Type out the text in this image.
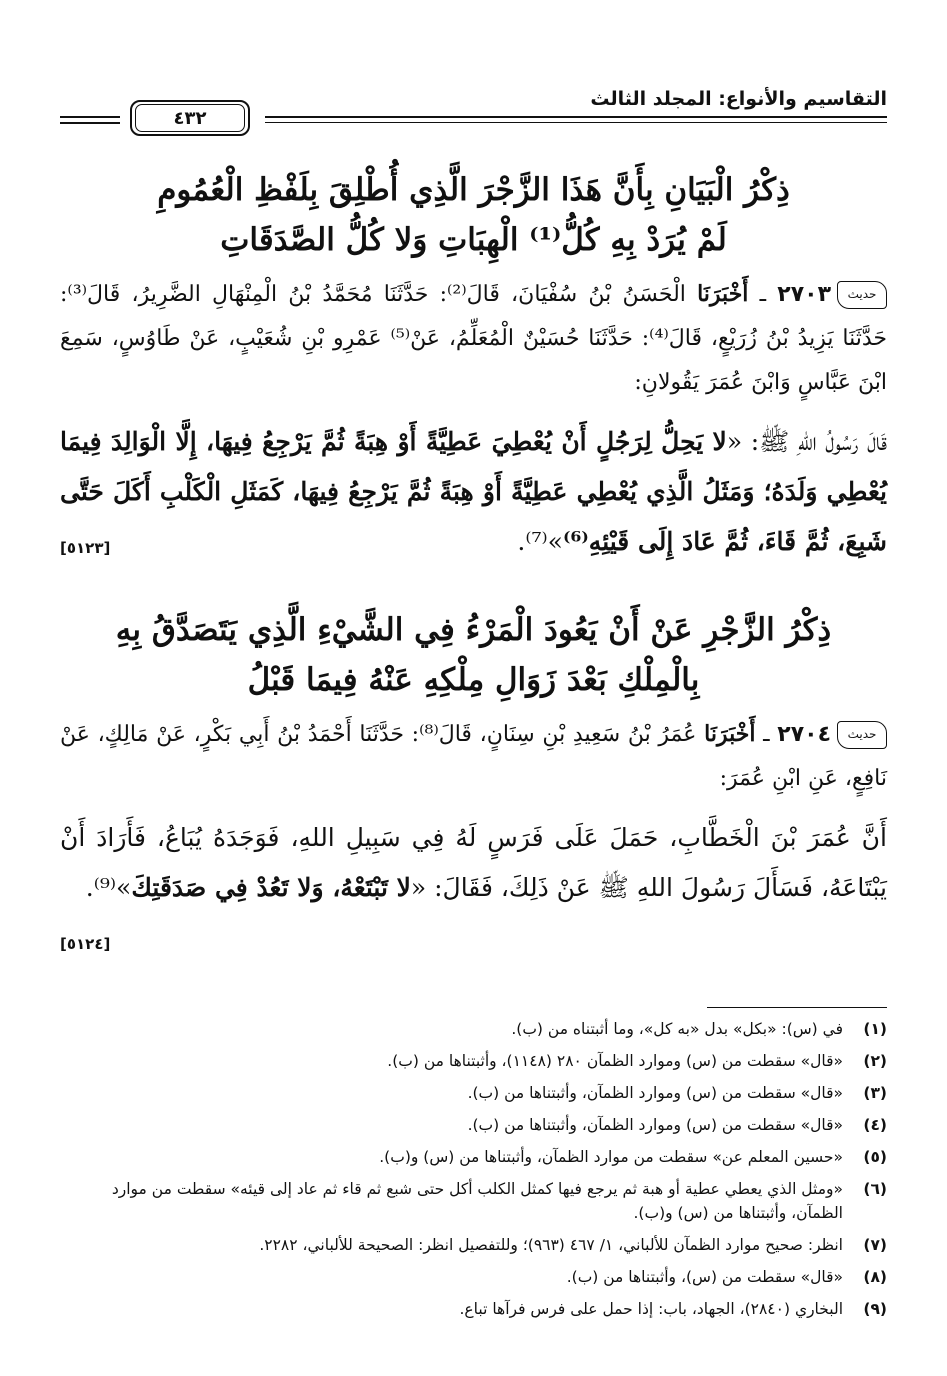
التقاسيم والأنواع: المجلد الثالث
٤٣٢
ذِكْرُ الْبَيَانِ بِأَنَّ هَذَا الزَّجْرَ الَّذِي أُطْلِقَ بِلَفْظِ الْعُمُومِ
لَمْ يُرَدْ بِهِ كُلُّ⁽¹⁾ الْهِبَاتِ وَلا كُلُّ الصَّدَقَاتِ
حديث٢٧٠٣ ـ أَخْبَرَنَا الْحَسَنُ بْنُ سُفْيَانَ، قَالَ⁽²⁾: حَدَّثَنَا مُحَمَّدُ بْنُ الْمِنْهَالِ الضَّرِيرُ، قَالَ⁽³⁾: حَدَّثَنَا يَزِيدُ بْنُ زُرَيْعٍ، قَالَ⁽⁴⁾: حَدَّثَنَا حُسَيْنٌ الْمُعَلِّمُ، عَنْ⁽⁵⁾ عَمْرِو بْنِ شُعَيْبٍ، عَنْ طَاوُسٍ، سَمِعَ ابْنَ عَبَّاسٍ وَابْنَ عُمَرَ يَقُولانِ:
قَالَ رَسُولُ اللهِ ﷺ: «لا يَحِلُّ لِرَجُلٍ أَنْ يُعْطِيَ عَطِيَّةً أَوْ هِبَةً ثُمَّ يَرْجِعُ فِيهَا، إِلَّا الْوَالِدَ فِيمَا يُعْطِي وَلَدَهُ؛ وَمَثَلُ الَّذِي يُعْطِي عَطِيَّةً أَوْ هِبَةً ثُمَّ يَرْجِعُ فِيهَا، كَمَثَلِ الْكَلْبِ أَكَلَ حَتَّى شَبِعَ، ثُمَّ قَاءَ، ثُمَّ عَادَ إِلَى قَيْئِهِ⁽⁶⁾»⁽⁷⁾.
[٥١٢٣]
ذِكْرُ الزَّجْرِ عَنْ أَنْ يَعُودَ الْمَرْءُ فِي الشَّيْءِ الَّذِي يَتَصَدَّقُ بِهِ
بِالْمِلْكِ بَعْدَ زَوَالِ مِلْكِهِ عَنْهُ فِيمَا قَبْلُ
حديث٢٧٠٤ ـ أَخْبَرَنَا عُمَرُ بْنُ سَعِيدِ بْنِ سِنَانٍ، قَالَ⁽⁸⁾: حَدَّثَنَا أَحْمَدُ بْنُ أَبِي بَكْرٍ، عَنْ مَالِكٍ، عَنْ نَافِعٍ، عَنِ ابْنِ عُمَرَ:
أَنَّ عُمَرَ بْنَ الْخَطَّابِ، حَمَلَ عَلَى فَرَسٍ لَهُ فِي سَبِيلِ اللهِ، فَوَجَدَهُ يُبَاعُ، فَأَرَادَ أَنْ يَبْتَاعَهُ، فَسَأَلَ رَسُولَ اللهِ ﷺ عَنْ ذَلِكَ، فَقَالَ: «لا تَبْتَعْهُ، وَلا تَعُدْ فِي صَدَقَتِكَ»⁽⁹⁾.
[٥١٢٤]
(١)
في (س): «بكل» بدل «به كل»، وما أثبتناه من (ب).
(٢)
«قال» سقطت من (س) وموارد الظمآن ٢٨٠ (١١٤٨)، وأثبتناها من (ب).
(٣)
«قال» سقطت من (س) وموارد الظمآن، وأثبتناها من (ب).
(٤)
«قال» سقطت من (س) وموارد الظمآن، وأثبتناها من (ب).
(٥)
«حسين المعلم عن» سقطت من موارد الظمآن، وأثبتناها من (س) و(ب).
(٦)
«ومثل الذي يعطي عطية أو هبة ثم يرجع فيها كمثل الكلب أكل حتى شبع ثم قاء ثم عاد إلى قيئه» سقطت من موارد الظمآن، وأثبتناها من (س) و(ب).
(٧)
انظر: صحيح موارد الظمآن للألباني، ١/ ٤٦٧ (٩٦٣)؛ وللتفصيل انظر: الصحيحة للألباني، ٢٢٨٢.
(٨)
«قال» سقطت من (س)، وأثبتناها من (ب).
(٩)
البخاري (٢٨٤٠)، الجهاد، باب: إذا حمل على فرس فرآها تباع.
